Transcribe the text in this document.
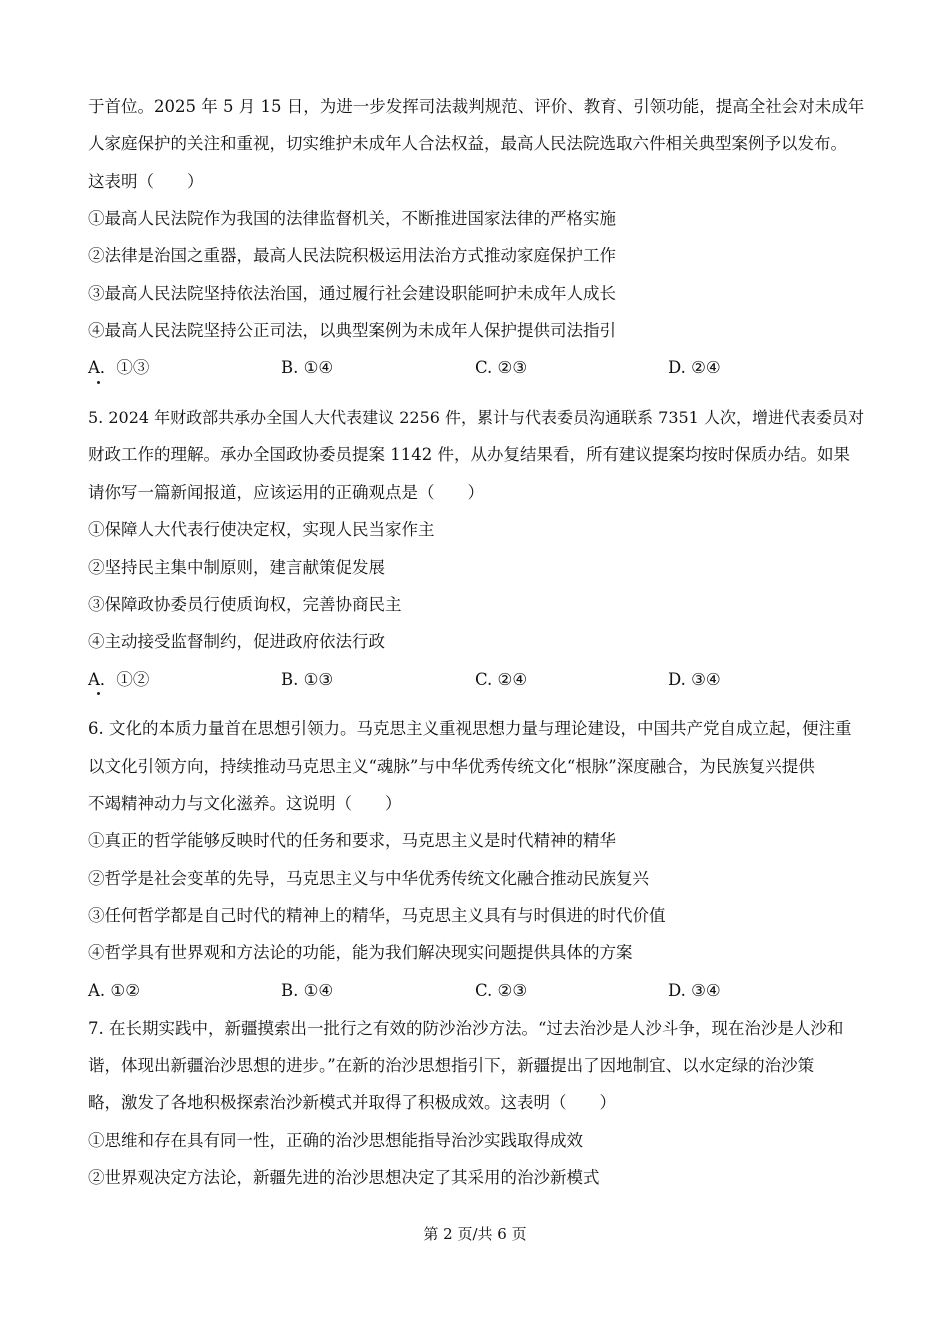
于首位。2025 年 5 月 15 日，为进一步发挥司法裁判规范、评价、教育、引领功能，提高全社会对未成年

人家庭保护的关注和重视，切实维护未成年人合法权益，最高人民法院选取六件相关典型案例予以发布。

这表明（　　）

①最高人民法院作为我国的法律监督机关，不断推进国家法律的严格实施

②法律是治国之重器，最高人民法院积极运用法治方式推动家庭保护工作

③最高人民法院坚持依法治国，通过履行社会建设职能呵护未成年人成长

④最高人民法院坚持公正司法，以典型案例为未成年人保护提供司法指引

A．①③	B. ①④	C. ②③	D. ②④

5. 2024 年财政部共承办全国人大代表建议 2256 件，累计与代表委员沟通联系 7351 人次，增进代表委员对

财政工作的理解。承办全国政协委员提案 1142 件，从办复结果看，所有建议提案均按时保质办结。如果

请你写一篇新闻报道，应该运用的正确观点是（　　）

①保障人大代表行使决定权，实现人民当家作主

②坚持民主集中制原则，建言献策促发展

③保障政协委员行使质询权，完善协商民主

④主动接受监督制约，促进政府依法行政

A．①②	B. ①③	C. ②④	D. ③④

6. 文化的本质力量首在思想引领力。马克思主义重视思想力量与理论建设，中国共产党自成立起，便注重

以文化引领方向，持续推动马克思主义“魂脉”与中华优秀传统文化“根脉”深度融合，为民族复兴提供

不竭精神动力与文化滋养。这说明（　　）

①真正的哲学能够反映时代的任务和要求，马克思主义是时代精神的精华

②哲学是社会变革的先导，马克思主义与中华优秀传统文化融合推动民族复兴

③任何哲学都是自己时代的精神上的精华，马克思主义具有与时俱进的时代价值

④哲学具有世界观和方法论的功能，能为我们解决现实问题提供具体的方案

A. ①②	B. ①④	C. ②③	D. ③④

7. 在长期实践中，新疆摸索出一批行之有效的防沙治沙方法。“过去治沙是人沙斗争，现在治沙是人沙和

谐，体现出新疆治沙思想的进步。”在新的治沙思想指引下，新疆提出了因地制宜、以水定绿的治沙策

略，激发了各地积极探索治沙新模式并取得了积极成效。这表明（　　）

①思维和存在具有同一性，正确的治沙思想能指导治沙实践取得成效

②世界观决定方法论，新疆先进的治沙思想决定了其采用的治沙新模式

第 2 页/共 6 页
